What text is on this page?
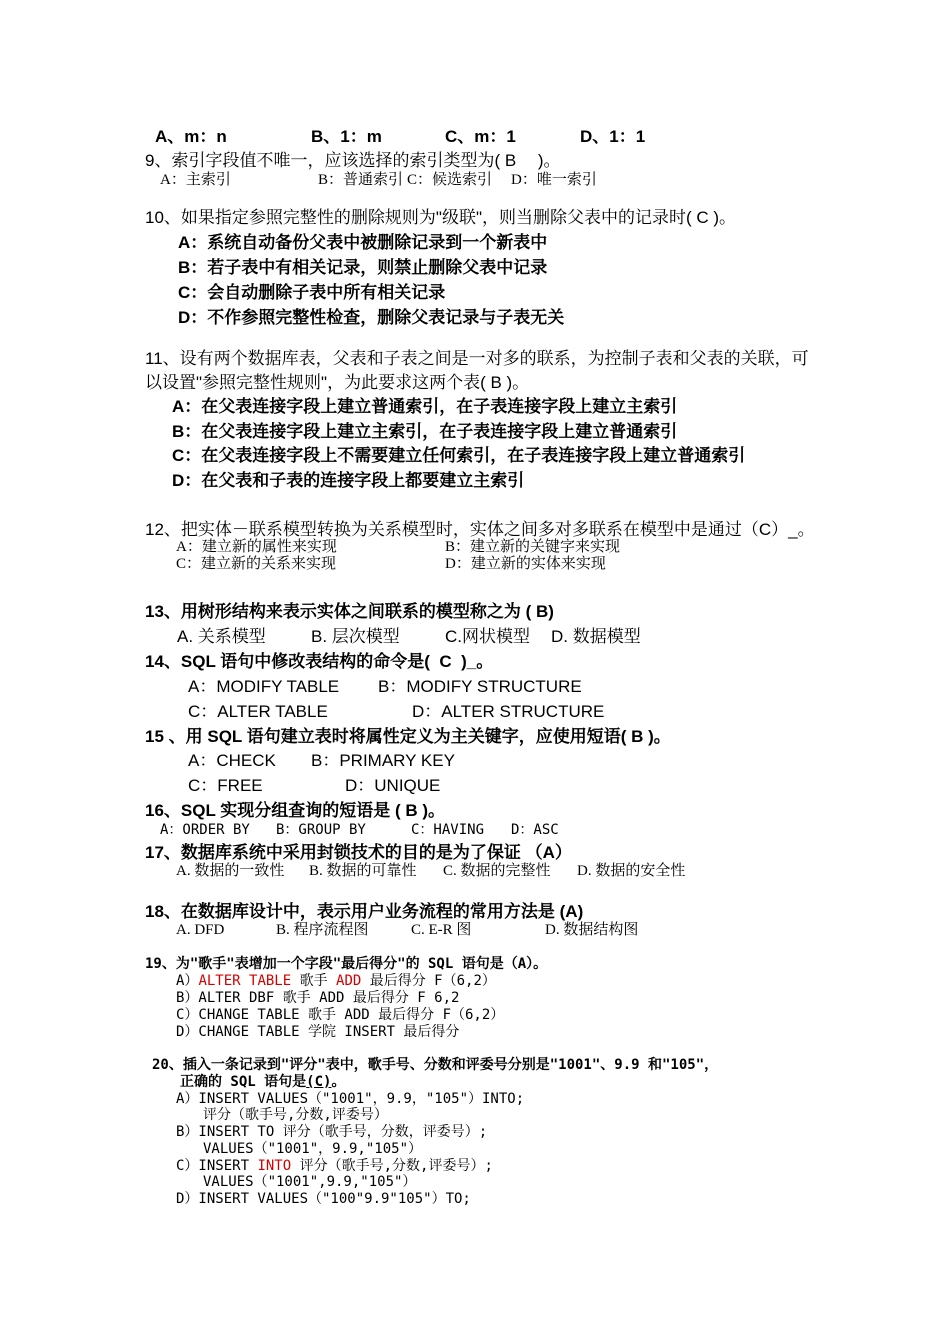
A、m：n	B、1：m	C、m：1	D、1：1
9、索引字段值不唯一，应该选择的索引类型为( B　 )。
A：主索引	B：普通索引 C：候选索引 D：唯一索引
10、如果指定参照完整性的删除规则为"级联"，则当删除父表中的记录时( C )。
A：系统自动备份父表中被删除记录到一个新表中
B：若子表中有相关记录，则禁止删除父表中记录
C：会自动删除子表中所有相关记录
D：不作参照完整性检查，删除父表记录与子表无关
11、设有两个数据库表，父表和子表之间是一对多的联系，为控制子表和父表的关联，可
以设置"参照完整性规则"，为此要求这两个表( B )。
A：在父表连接字段上建立普通索引，在子表连接字段上建立主索引
B：在父表连接字段上建立主索引，在子表连接字段上建立普通索引
C：在父表连接字段上不需要建立任何索引，在子表连接字段上建立普通索引
D：在父表和子表的连接字段上都要建立主索引
12、把实体－联系模型转换为关系模型时，实体之间多对多联系在模型中是通过（C）_。
A：建立新的属性来实现	B：建立新的关键字来实现
C：建立新的关系来实现	D：建立新的实体来实现
13、用树形结构来表示实体之间联系的模型称之为 ( B)
A. 关系模型	B. 层次模型	C.网状模型 D. 数据模型
14、SQL 语句中修改表结构的命令是(  C  )_。
A：MODIFY TABLE B：MODIFY STRUCTURE
C：ALTER TABLE	D：ALTER STRUCTURE
15 、用 SQL 语句建立表时将属性定义为主关键字，应使用短语( B )。
A：CHECK B：PRIMARY KEY
C：FREE	D：UNIQUE
16、SQL 实现分组查询的短语是 ( B )。
A：ORDER BY B：GROUP BY	C：HAVING D：ASC
17、数据库系统中采用封锁技术的目的是为了保证 （A）
A. 数据的一致性 B. 数据的可靠性 C. 数据的完整性 D. 数据的安全性
18、在数据库设计中，表示用户业务流程的常用方法是 (A)
A. DFD	B. 程序流程图	C. E-R 图	D. 数据结构图
19、为"歌手"表增加一个字段"最后得分"的 SQL 语句是（A）。
A）ALTER TABLE 歌手 ADD 最后得分 F（6,2）
B）ALTER DBF 歌手 ADD 最后得分 F 6,2
C）CHANGE TABLE 歌手 ADD 最后得分 F（6,2）
D）CHANGE TABLE 学院 INSERT 最后得分
20、插入一条记录到"评分"表中，歌手号、分数和评委号分别是"1001"、9.9 和"105"，
正确的 SQL 语句是(C)。
A）INSERT VALUES（"1001"，9.9，"105"）INTO;
评分（歌手号,分数,评委号）
B）INSERT TO 评分（歌手号，分数，评委号）;
VALUES（"1001"，9.9,"105"）
C）INSERT INTO 评分（歌手号,分数,评委号）;
VALUES（"1001",9.9,"105"）
D）INSERT VALUES（"100"9.9"105"）TO;
